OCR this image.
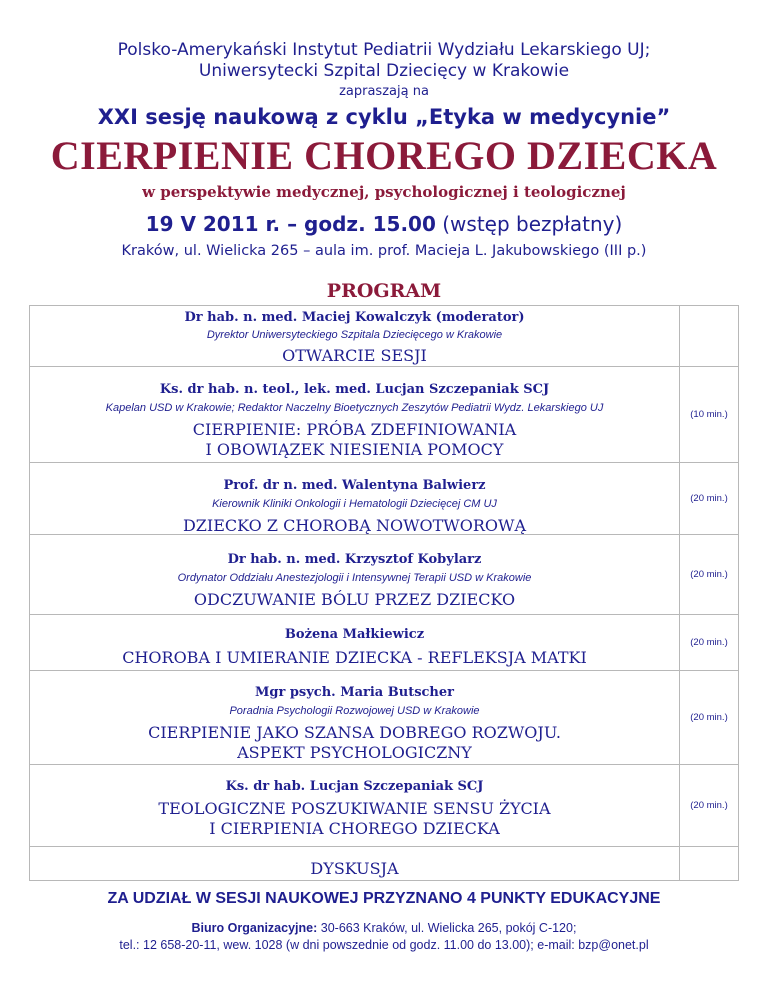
Polsko-Amerykański Instytut Pediatrii Wydziału Lekarskiego UJ;
Uniwersytecki Szpital Dziecięcy w Krakowie
zapraszają na
XXI sesję naukową z cyklu „Etyka w medycynie”
CIERPIENIE CHOREGO DZIECKA
w perspektywie medycznej, psychologicznej i teologicznej
19 V 2011 r. – godz. 15.00 (wstęp bezpłatny)
Kraków, ul. Wielicka 265 – aula im. prof. Macieja L. Jakubowskiego (III p.)
PROGRAM
Dr hab. n. med. Maciej Kowalczyk (moderator)
Dyrektor Uniwersyteckiego Szpitala Dziecięcego w Krakowie
OTWARCIE SESJI
Ks. dr hab. n. teol., lek. med. Lucjan Szczepaniak SCJ
Kapelan USD w Krakowie; Redaktor Naczelny Bioetycznych Zeszytów Pediatrii Wydz. Lekarskiego UJ
CIERPIENIE: PRÓBA ZDEFINIOWANIA
I OBOWIĄZEK NIESIENIA POMOCY
(10 min.)
Prof. dr n. med. Walentyna Balwierz
Kierownik Kliniki Onkologii i Hematologii Dziecięcej CM UJ
DZIECKO Z CHOROBĄ NOWOTWOROWĄ
(20 min.)
Dr hab. n. med. Krzysztof Kobylarz
Ordynator Oddziału Anestezjologii i Intensywnej Terapii USD w Krakowie
ODCZUWANIE BÓLU PRZEZ DZIECKO
(20 min.)
Bożena Małkiewicz
CHOROBA I UMIERANIE DZIECKA - REFLEKSJA MATKI
(20 min.)
Mgr psych. Maria Butscher
Poradnia Psychologii Rozwojowej USD w Krakowie
CIERPIENIE JAKO SZANSA DOBREGO ROZWOJU.
ASPEKT PSYCHOLOGICZNY
(20 min.)
Ks. dr hab. Lucjan Szczepaniak SCJ
TEOLOGICZNE POSZUKIWANIE SENSU ŻYCIA
I CIERPIENIA CHOREGO DZIECKA
(20 min.)
DYSKUSJA
ZA UDZIAŁ W SESJI NAUKOWEJ PRZYZNANO 4 PUNKTY EDUKACYJNE
Biuro Organizacyjne: 30-663 Kraków, ul. Wielicka 265, pokój C-120;
tel.: 12 658-20-11, wew. 1028 (w dni powszednie od godz. 11.00 do 13.00); e-mail: bzp@onet.pl
